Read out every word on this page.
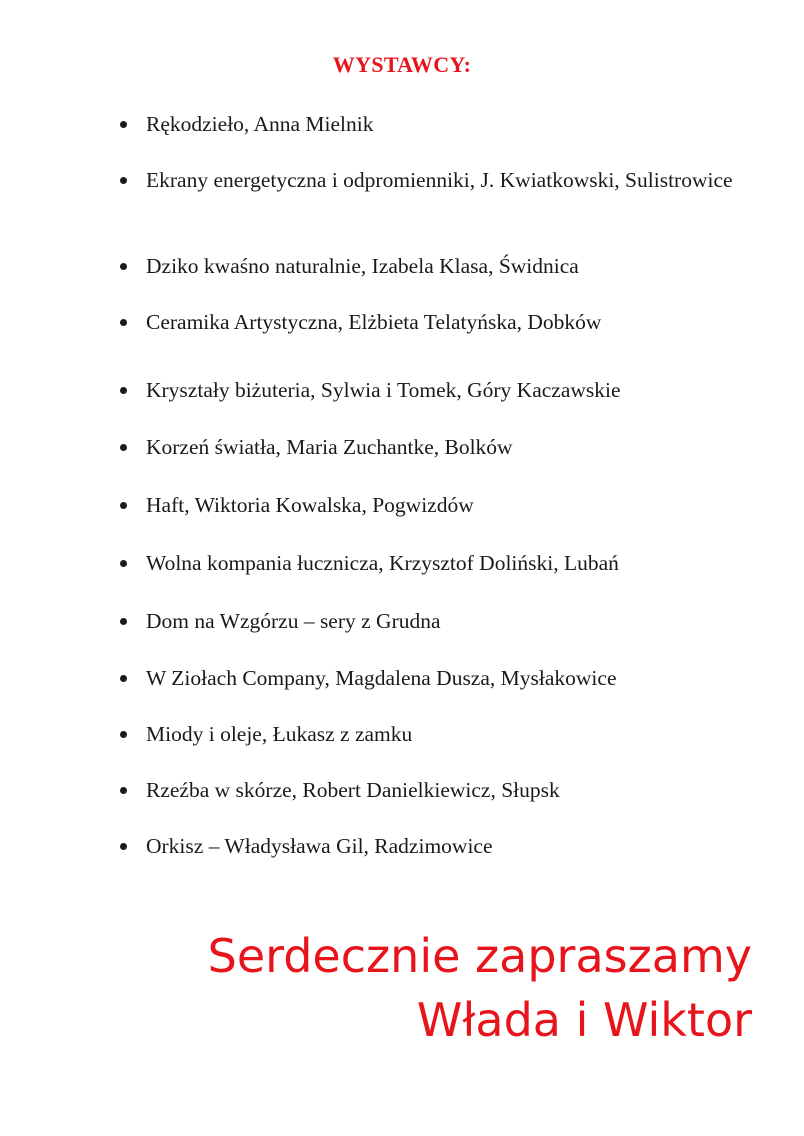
WYSTAWCY:
Rękodzieło, Anna Mielnik
Ekrany energetyczna i odpromienniki, J. Kwiatkowski, Sulistrowice
Dziko kwaśno naturalnie, Izabela Klasa, Świdnica
Ceramika Artystyczna, Elżbieta Telatyńska, Dobków
Kryształy biżuteria, Sylwia i Tomek, Góry Kaczawskie
Korzeń światła, Maria Zuchantke, Bolków
Haft, Wiktoria Kowalska, Pogwizdów
Wolna kompania łucznicza, Krzysztof Doliński, Lubań
Dom na Wzgórzu – sery z Grudna
W Ziołach Company, Magdalena Dusza, Mysłakowice
Miody i oleje, Łukasz z zamku
Rzeźba w skórze, Robert Danielkiewicz, Słupsk
Orkisz – Władysława Gil, Radzimowice
Serdecznie zapraszamy
Włada i Wiktor
